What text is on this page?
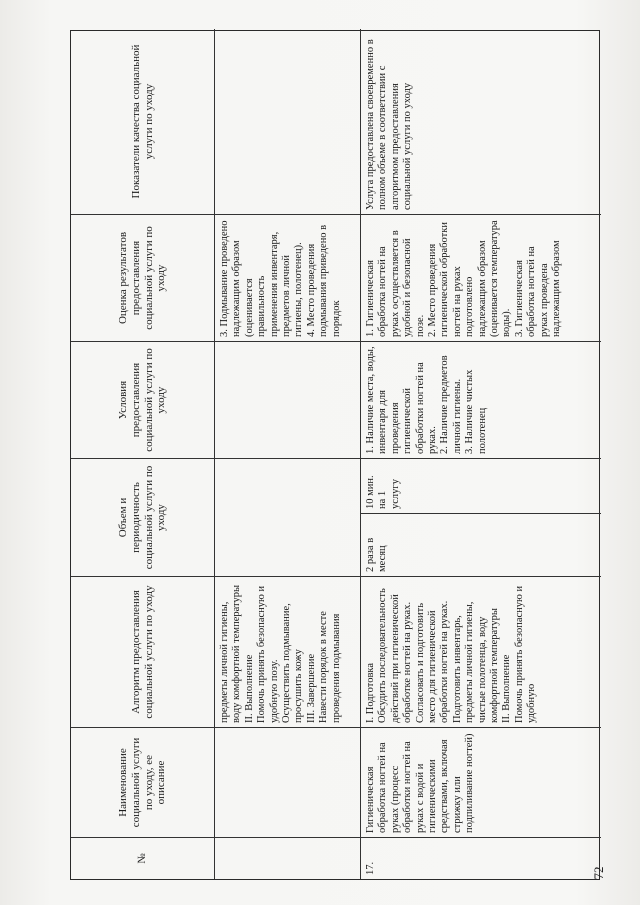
№
Наименование социальной услуги по уходу, ее описание
Алгоритм предоставления социальной услуги по уходу
Объем и периодичность социальной услуги по уходу
Условия предоставления социальной услуги по уходу
Оценка результатов предоставления социальной услуги по уходу
Показатели качества социальной услуги по уходу
предметы личной гигиены, воду комфортной температуры
II. Выполнение
Помочь принять безопасную и удобную позу.
Осуществить подмывание, просушить кожу
III. Завершение
Навести порядок в месте проведения подмывания
3. Подмывание проведено надлежащим образом (оценивается правильность применения инвентаря, предметов личной гигиены, полотенец).
4. Место проведения подмывания приведено в порядок
17.
Гигиеническая обработка ногтей на руках (процесс обработки ногтей на руках с водой и гигиеническими средствами, включая стрижку или подпиливание ногтей)
I. Подготовка
Обсудить последовательность действий при гигиенической обработке ногтей на руках.
Согласовать и подготовить место для гигиенической обработки ногтей на руках.
Подготовить инвентарь, предметы личной гигиены, чистые полотенца, воду комфортной температуры
II. Выполнение
Помочь принять безопасную и удобную
2 раза в месяц
10 мин. на 1 услугу
1. Наличие места, воды, инвентаря для проведения гигиенической обработки ногтей на руках.
2. Наличие предметов личной гигиены.
3. Наличие чистых полотенец
1. Гигиеническая обработка ногтей на руках осуществляется в удобной и безопасной позе.
2. Место проведения гигиенической обработки ногтей на руках подготовлено надлежащим образом (оценивается температура воды).
3. Гигиеническая обработка ногтей на руках проведена надлежащим образом
Услуга предоставлена своевременно в полном объеме в соответствии с алгоритмом предоставления социальной услуги по уходу
72
